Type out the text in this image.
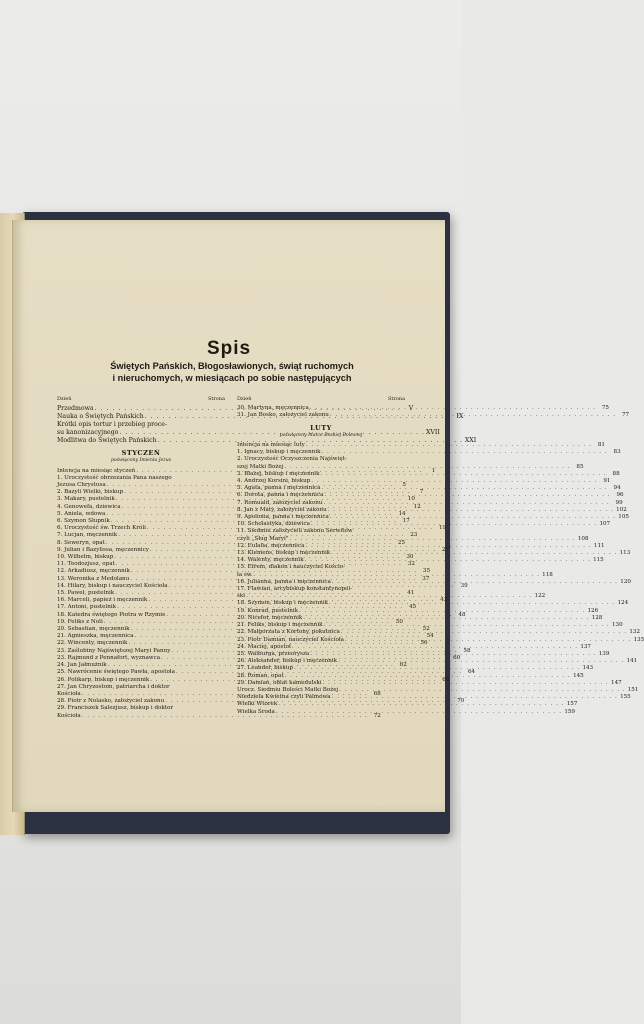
Spis
Świętych Pańskich, Błogosławionych, świąt ruchomych
i nieruchomych, w miesiącach po sobie następujących
Dzień	Strona
Przedmowa . . .	V
Nauka o Świętych Pańskich . . .	IX
Krótki opis tortur i przebieg proce-
su kanonizacyjnego . . .	XVII
Modlitwa do Świętych Pańskich . . .	XXI
STYCZEŃ
poświęcony Imieniu Jezus
Intencja na miesiąc styczeń . . .	1
1. Uroczystość obrzezania Pana naszego
Jezusa Chrystusa . . .	5
2. Bazyli Wielki, biskup . . .	7
3. Makary, pustelnik . . .	10
4. Genowefa, dziewica . . .	12
5. Aniela, wdowa . . .	14
6. Szymon Słupnik . . .	17
6. Uroczystość św. Trzech Króli . . .	19
7. Lucjan, męczennik . . .	23
8. Seweryn, opat . . .	25
9. Julian i Bazylissa, męczennicy . . .	27
10. Wilhelm, biskup . . .	30
11. Teodozjusz, opat . . .	32
12. Arkadiusz, męczennik . . .	35
13. Weronika z Medolanu . . .	37
14. Hilary, biskup i nauczyciel Kościoła . . .	39
15. Paweł, pustelnik . . .	41
16. Marceli, papież i męczennik . . .	43
17. Antoni, pustelnik . . .	45
18. Katedra świętego Piotra w Rzymie . . .	48
19. Feliks z Noli . . .	50
20. Sebastian, męczennik . . .	52
21. Agnieszka, męczennica . . .	54
22. Wincenty, męczennik . . .	56
23. Zaślubiny Najświętszej Maryi Panny . . .	58
23. Rajmund z Pennafort, wyznawca . . .	60
24. Jan Jałmużnik . . .	62
25. Nawrócenie świętego Pawła, apostoła . . .	64
26. Polikarp, biskup i męczennik . . .	66
27. Jan Chryzostom, patriarcha i doktor
Kościoła . . .	68
28. Piotr z Nolasko, założyciel zakonu . . .	70
29. Franciszek Salezjusz, biskup i doktor
Kościoła . . .	72
Dzień	Strona
30. Martyna, męczennica . . .	75
31. Jan Bosko, założyciel zakonu . . .	77
LUTY
poświęcony Matce Boskiej Bolesnej
Intencja na miesiąc luty . . .	81
1. Ignacy, biskup i męczennik . . .	83
2. Uroczystość Oczyszczenia Najświęt-
szej Matki Bożej . . .	85
3. Błażej, biskup i męczennik . . .	88
4. Andrzej Korsini, biskup . . .	91
5. Agata, panna i męczennica . . .	94
6. Dorota, panna i męczennica . . .	96
7. Romuald, założyciel zakonu . . .	99
8. Jan z Maty, założyciel zakonu . . .	102
9. Apolonia, panna i męczennica . . .	105
10. Scholastyka, dziewica . . .	107
11. Siedmiu założycieli zakonu Serwitów
czyli „Sług Maryi" . . .	108
12. Eulalia, męczennica . . .	111
13. Klemens, biskup i męczennik . . .	113
14. Walenty, męczennik . . .	115
15. Efrem, diakon i nauczyciel Kościo-
ła św. . . .	118
16. Julianna, panna i męczennica . . .	120
17. Flawian, arcybiskup konstantynopol-
ski . . .	122
18. Szymon, biskup i męczennik . . .	124
19. Konrad, pustelnik . . .	126
20. Nicefor, męczennik . . .	128
21. Feliks, biskup i męczennik . . .	130
22. Małgorzata z Kortony, pokutnica . . .	132
23. Piotr Damian, nauczyciel Kościoła . . .	135
24. Maciej, apostoł . . .	137
25. Walburga, przeorysza . . .	139
26. Aleksander, biskup i męczennik . . .	141
27. Leander, biskup . . .	143
28. Roman, opat . . .	145
29. Damian, oblat kamedulski . . .	147
Urocz. Siedmiu Boleści Matki Bożej . . .	151
Niedziela Kwietna czyli Palmowa . . .	155
Wielki Wtorek . . .	157
Wielka Środa . . .	159
